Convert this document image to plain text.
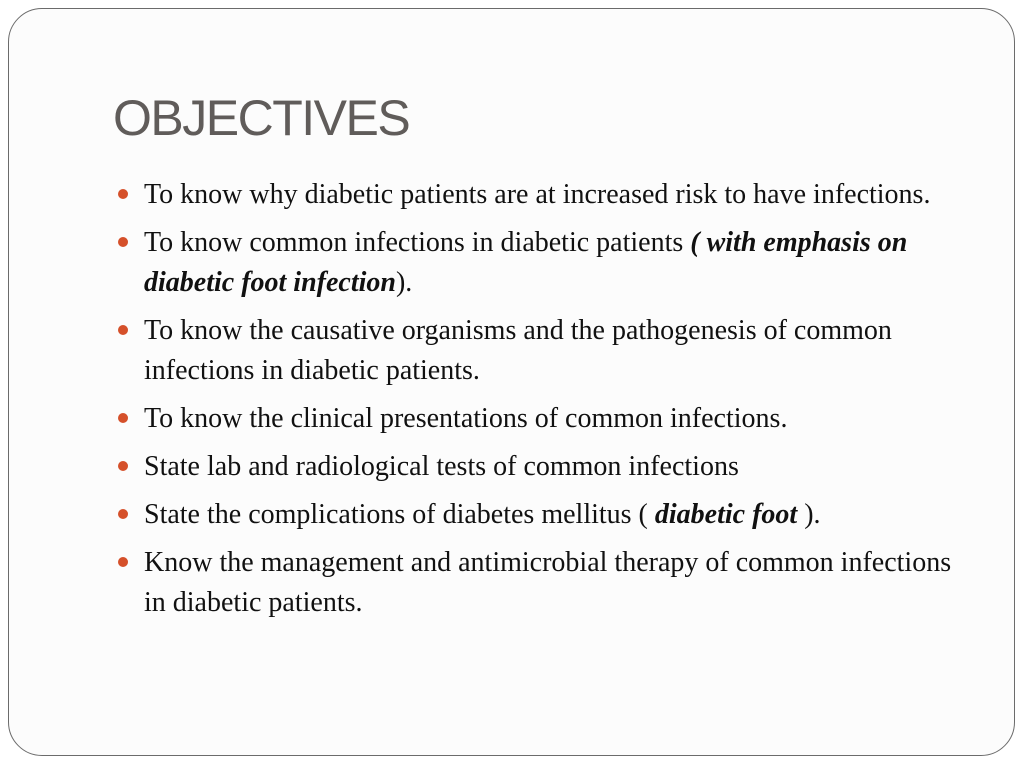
OBJECTIVES
To know why diabetic patients are at increased risk to have infections.
To know common infections in diabetic patients ( with emphasis on diabetic foot infection).
To know the causative organisms and the pathogenesis of common infections in diabetic patients.
To know the clinical presentations of common infections.
State lab and radiological tests of common infections
State the complications of diabetes mellitus ( diabetic foot ).
Know the management and antimicrobial therapy of common infections in diabetic patients.
